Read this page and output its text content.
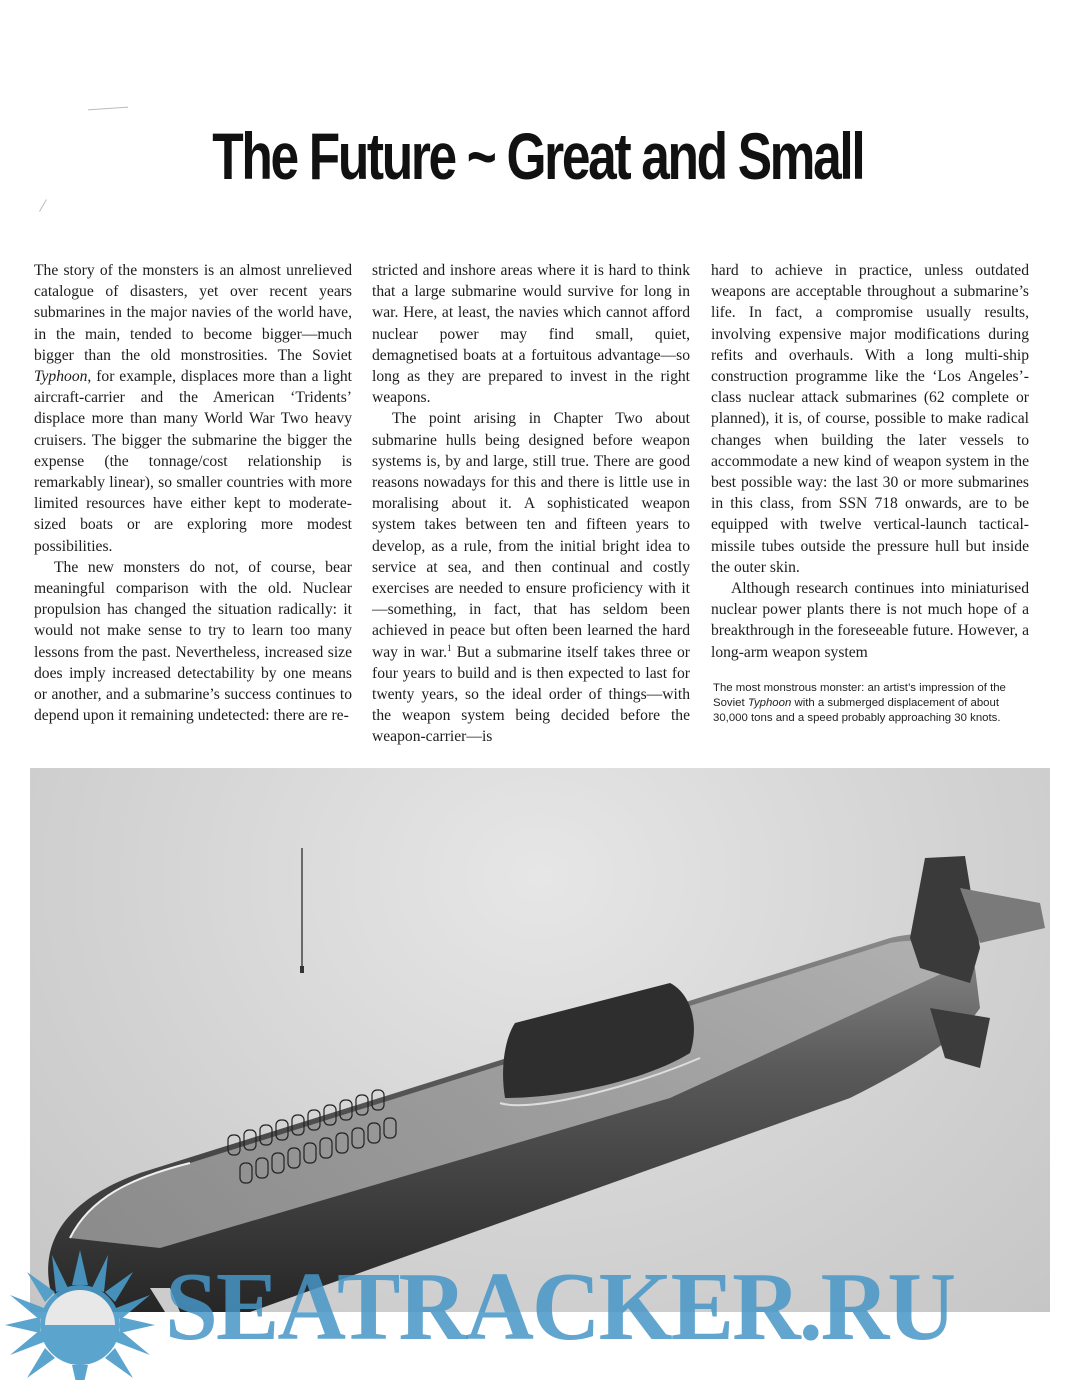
The Future ~ Great and Small

The story of the monsters is an almost unrelieved catalogue of disasters, yet over recent years submarines in the major navies of the world have, in the main, tended to become bigger—much bigger than the old monstrosities. The Soviet Typhoon, for example, displaces more than a light aircraft-carrier and the American ‘Tridents’ displace more than many World War Two heavy cruisers. The bigger the submarine the bigger the expense (the tonnage/cost relationship is remarkably linear), so smaller countries with more limited resources have either kept to moderate-sized boats or are exploring more modest possibilities.

The new monsters do not, of course, bear meaningful comparison with the old. Nuclear propulsion has changed the situation radically: it would not make sense to try to learn too many lessons from the past. Nevertheless, increased size does imply increased detectability by one means or another, and a submarine’s success continues to depend upon it remaining undetected: there are re-

stricted and inshore areas where it is hard to think that a large submarine would survive for long in war. Here, at least, the navies which cannot afford nuclear power may find small, quiet, demagnetised boats at a fortuitous advantage—so long as they are prepared to invest in the right weapons.

The point arising in Chapter Two about submarine hulls being designed before weapon systems is, by and large, still true. There are good reasons nowadays for this and there is little use in moralising about it. A sophisticated weapon system takes between ten and fifteen years to develop, as a rule, from the initial bright idea to service at sea, and then continual and costly exercises are needed to ensure proficiency with it—something, in fact, that has seldom been achieved in peace but often been learned the hard way in war.$^1$ But a submarine itself takes three or four years to build and is then expected to last for twenty years, so the ideal order of things—with the weapon system being decided before the weapon-carrier—is

hard to achieve in practice, unless outdated weapons are acceptable throughout a submarine’s life. In fact, a compromise usually results, involving expensive major modifications during refits and overhauls. With a long multi-ship construction programme like the ‘Los Angeles’-class nuclear attack submarines (62 complete or planned), it is, of course, possible to make radical changes when building the later vessels to accommodate a new kind of weapon system in the best possible way: the last 30 or more submarines in this class, from SSN 718 onwards, are to be equipped with twelve vertical-launch tactical-missile tubes outside the pressure hull but inside the outer skin.

Although research continues into miniaturised nuclear power plants there is not much hope of a breakthrough in the foreseeable future. However, a long-arm weapon system

The most monstrous monster: an artist’s impression of the Soviet Typhoon with a submerged displacement of about 30,000 tons and a speed probably approaching 30 knots.
SEATRACKER.RU
